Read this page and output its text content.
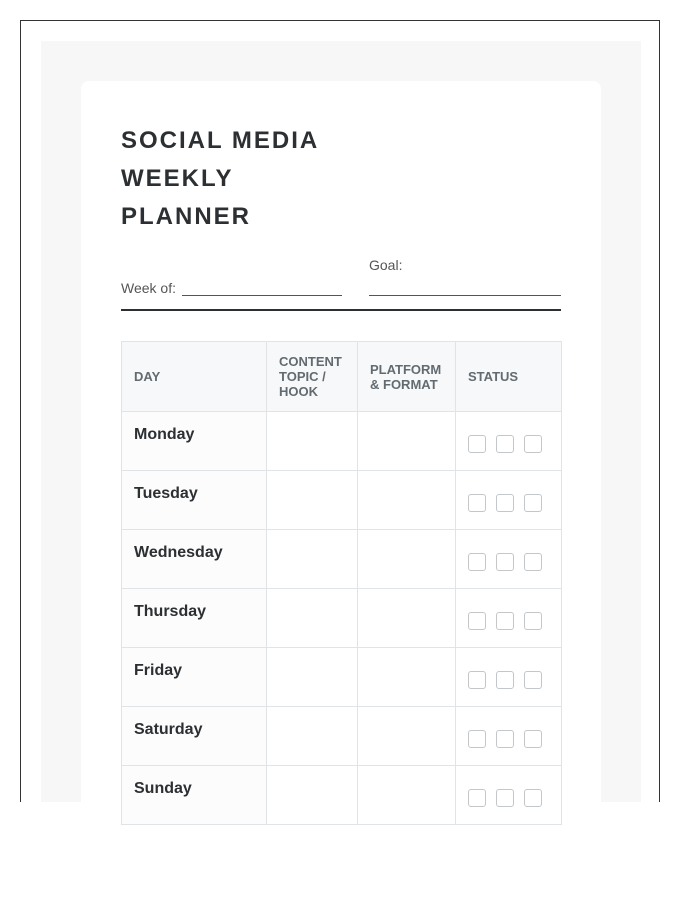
SOCIAL MEDIA
WEEKLY
PLANNER
Week of:
Goal:
DAY	CONTENT TOPIC / HOOK	PLATFORM & FORMAT	STATUS
Monday			

Tuesday			

Wednesday			

Thursday			

Friday			

Saturday			

Sunday			
